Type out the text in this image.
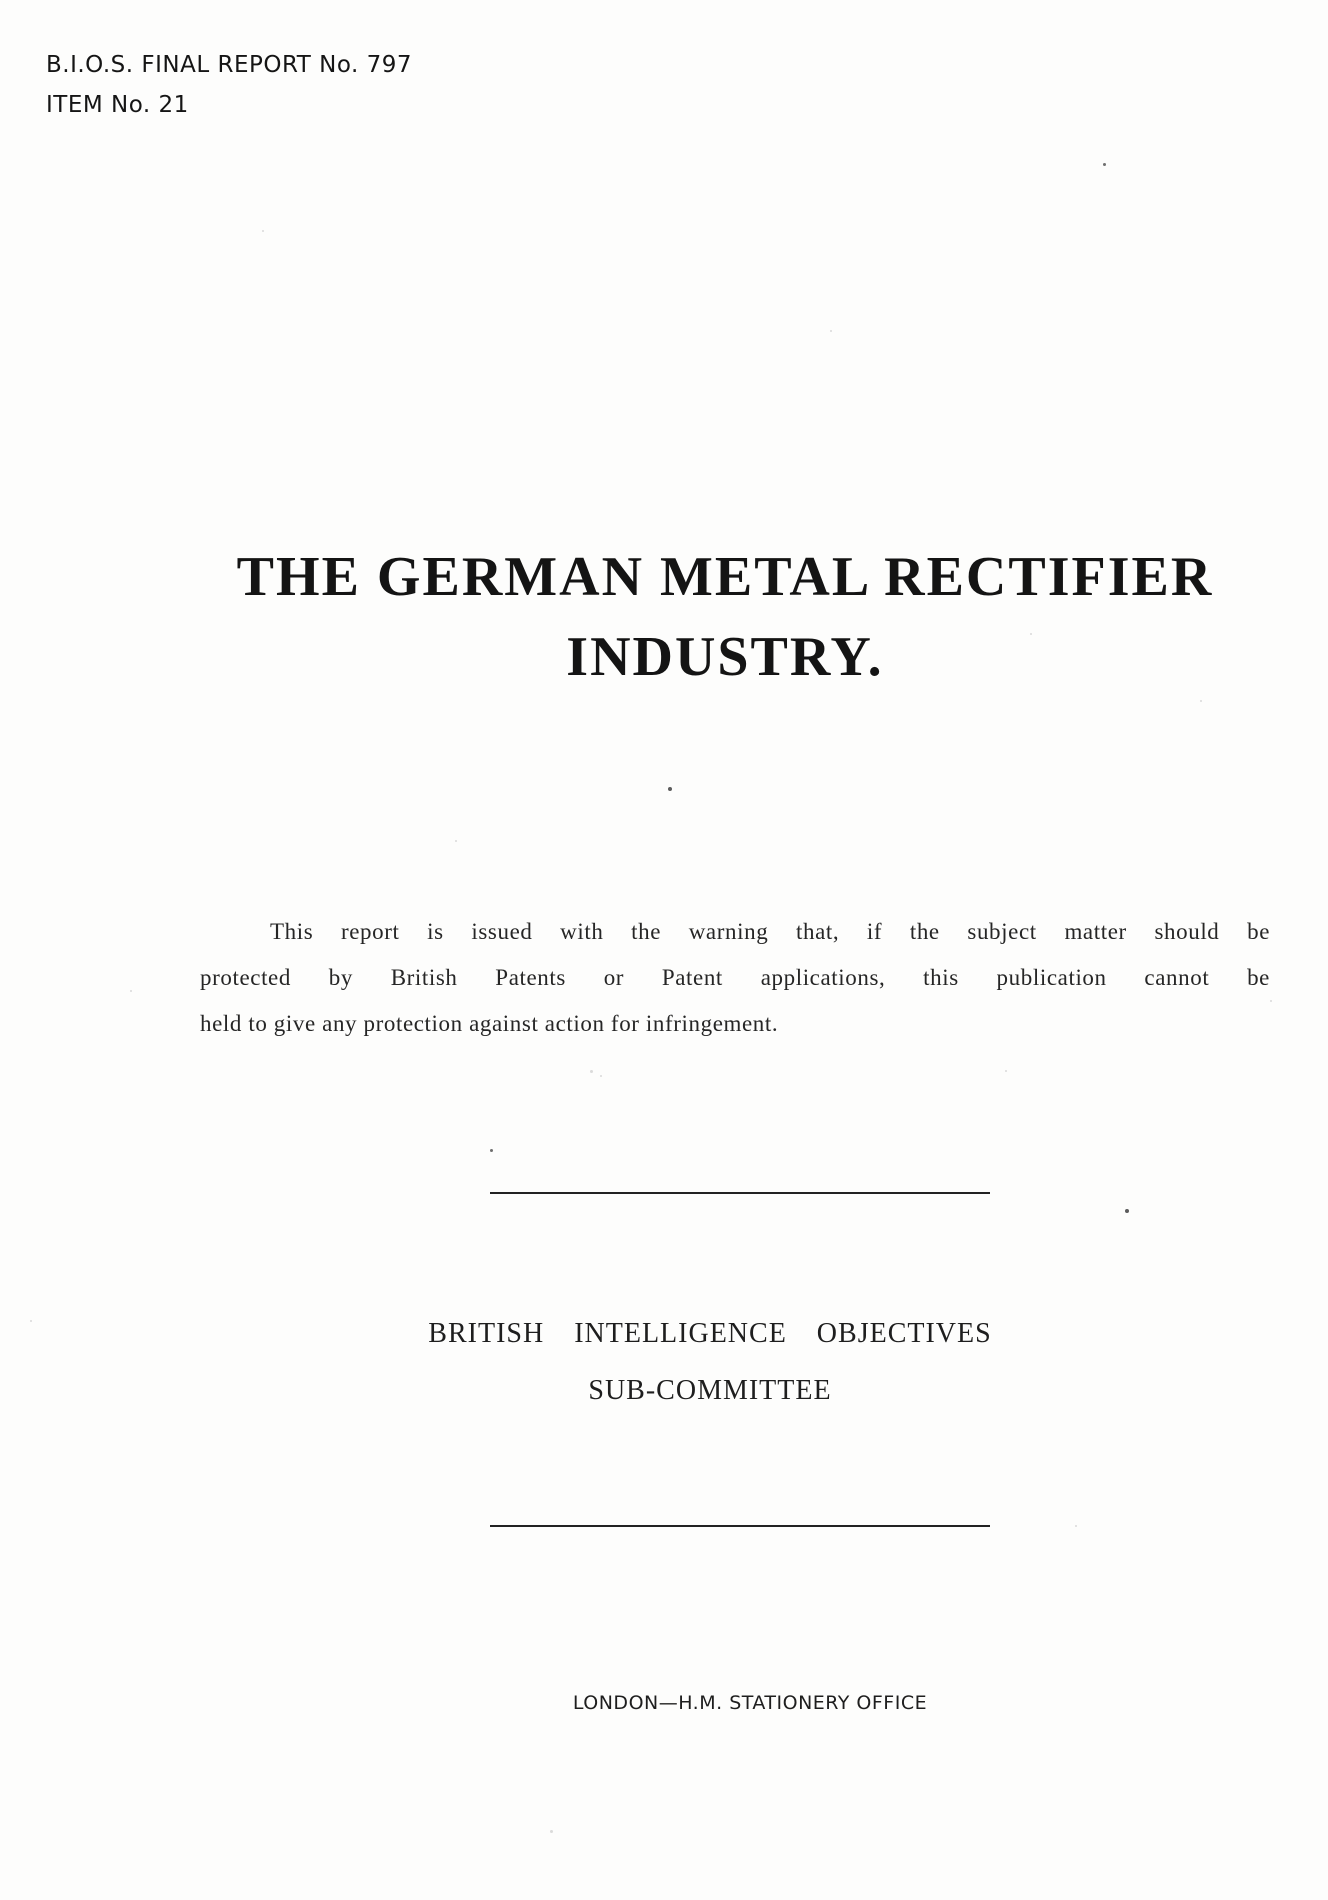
B.I.O.S. FINAL REPORT No. 797
ITEM No. 21
THE GERMAN METAL RECTIFIER
INDUSTRY.
This report is issued with the warning that, if the subject matter should be
protected by British Patents or Patent applications, this publication cannot be
held to give any protection against action for infringement.
BRITISH INTELLIGENCE OBJECTIVES
SUB-COMMITTEE
LONDON—H.M. STATIONERY OFFICE
